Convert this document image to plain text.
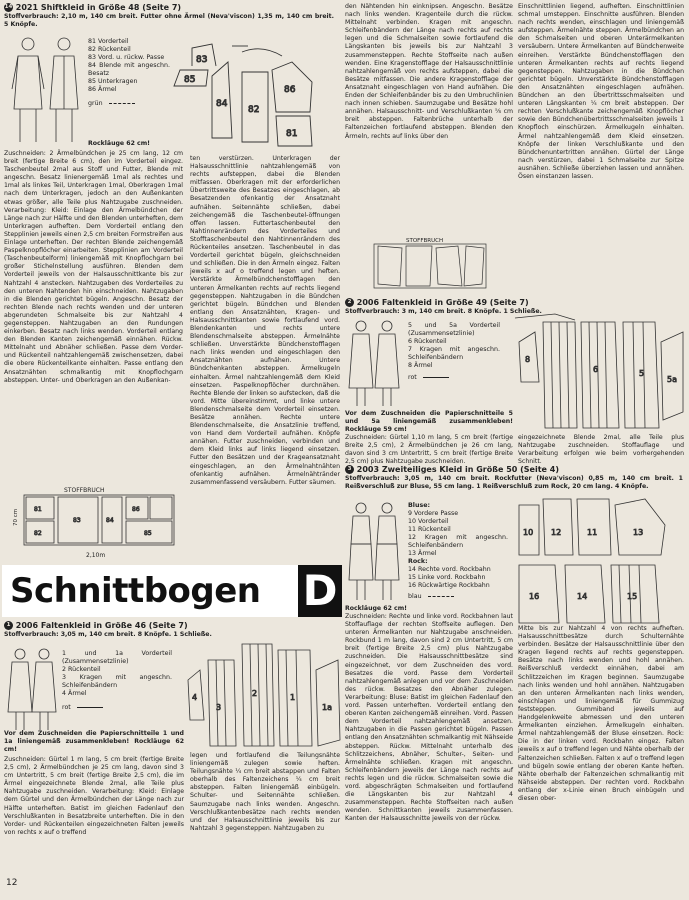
14 2021 Shiftkleid in Größe 48 (Seite 7)
Stoffverbrauch: 2,10 m, 140 cm breit. Futter ohne Ärmel (Neva'viscon) 1,35 m, 140 cm breit. 5 Knöpfe.
81 Vorderteil
82 Rückenteil
83 Vord. u. rückw. Passe
84 Blende mit angeschn. Besatz
85 Unterkragen
86 Ärmel
grün
83
85
84
82
86
81
Rockläuge 62 cm!
Zuschneiden: 2 Ärmelbündchen je 25 cm lang, 12 cm breit (fertige Breite 6 cm), den im Vorderteil eingez. Taschenbeutel 2mal aus Stoff und Futter, Blende mit angeschn. Besatz linienergemäß 1mal als rechtes und 1mal als linkes Teil, Unterkragen 1mal, Oberkragen 1mal nach dem Unterkragen, jedoch an den Außenkanten etwas größer, alle Teile plus Nahtzugabe zuschneiden. Verarbeitung: Kleid: Einlage den Ärmelbündchen der Länge nach zur Hälfte und den Blenden unterheften, dem Unterkragen aufheften. Dem Vorderteil entlang den Stepplinien jeweils einen 2,5 cm breiten Formstreifen aus Einlage unterheften. Der rechten Blende zeichengemäß Paspelknopflöcher einarbeiten. Stepplinien am Vorderteil (Taschenbeutelform) liniengemäß mit Knopflochgarn bei großer Stichelnstellung ausführen. Blenden dem Vorderteil jeweils von der Halsausschnittkante bis zur Nahtzahl 4 anstecken. Nahtzugaben des Vorderteiles zu den unteren Nahtenden hin einschneiden. Nahtzugaben in die Blenden gerichtet bügeln. Angeschn. Besatz der rechten Blende nach rechts wenden und der unteren abgerundeten Schmalseite bis zur Nahtzahl 4 gegensteppen. Nahtzugaben an den Rundungen einkerben. Besatz nach links wenden. Vorderteil entlang den Blenden Kanten zeichengemäß einnähen. Rückw. Mittelnaht und Abnäher schließen. Passe dem Vorder- und Rückenteil nahtzahlengemäß zwischensetzen, dabei die obere Rückenteilkante einhalten. Passe entlang den Ansatznähten schmalkantig mit Knopflochgarn absteppen. Unter- und Oberkragen an den Außenkan-
STOFFBRUCH
81
82
83	84
86
85
2,10m
70 cm
ten verstürzen. Unterkragen der Halsausschnittlinie nahtzahlengemäß von rechts aufsteppen, dabei die Blenden mitfassen. Oberkragen mit der erforderlichen Übertrittsweite des Besatzes eingeschlagen, ab Besatzenden ofenkantig der Ansatznaht aufnähen. Seitennähte schließen, dabei zeichengemäß die Taschenbeutel-öffnungen offen lassen. Futtertaschenbeutel den Nahtinnenrändern des Vorderteiles und Stofftaschenbeutel den Nahtinnenrändern des Rückenteiles ansetzen. Taschenbeutel in das Vorderteil gerichtet bügeln, gleichschneiden und schließen. Die in den Ärmeln eingez. Falten jeweils x auf o treffend legen und heften. Verstärkte Ärmelbündchenstofflagen den unteren Ärmelkanten rechts auf rechts liegend gegensteppen. Nahtzugaben in die Bündchen gerichtet bügeln. Bündchen und Blenden entlang den Ansatznähten, Kragen- und Halsausschnittkanten sowie fortlaufend vord. Blendenkanten und rechts untere Blendenschmalseite absteppen. Ärmelnähte schließen. Unverstärkte Bündchenstofflagen nach links wenden und eingeschlagen den Ansatznähten aufnähen. Untere Bündchenkanten absteppen. Ärmelkugeln einhalten. Ärmel nahtzahlengemäß dem Kleid einsetzen. Paspelknopflöcher durchnähen. Rechte Blende der linken so aufstecken, daß die vord. Mitte übereinstimmt, und linke untere Blendenschmalseite dem Vorderteil einsetzen. Besätze annähen. Rechte untere Blendenschmalseite, die Ansatzlinie treffend, von Hand dem Vorderteil aufnähen. Knöpfe annähen. Futter zuschneiden, verbinden und dem Kleid links auf links liegend einsetzen. Futter den Besätzen und der Krageansatznaht eingeschlagen, an den Ärmelnahtnähten ofenkantig aufnähen. Ärmelnähtränder zusammenfassend versäubern. Futter säumen.
den Nähtenden hin einknipsen. Angeschn. Besätze nach links wenden. Kragenteile durch die rückw. Mittelnaht verbinden. Kragen mit angeschn. Schleifenbändern der Länge nach rechts auf rechts legen und die Schmalseiten sowie fortlaufend die Längskanten bis jeweils bis zur Nahtzahl 3 zusammensteppen. Rechte Stoffseite nach außen wenden. Eine Kragenstofflage der Halsausschnittlinie nahtzahlengemäß von rechts aufsteppen, dabei die Besätze mitfassen. Die andere Kragenstofflage der Ansatznaht eingeschlagen von Hand aufnähen. Die Enden der Schleifenbänder bis zu den Umbruchlinien nach innen schieben. Saumzugabe und Besätze hohl annähen. Halsausschnitt- und Verschlußkanten ⅝ cm breit absteppen. Faltenbrüche unterhalb der Faltenzeichen fortlaufend absteppen. Blenden den Ärmeln, rechts auf links über den
STOFFBRUCH
Einschnittlinien liegend, aufheften. Einschnittlinien schmal umsteppen. Einschnitte ausführen. Blenden nach rechts wenden, einschlagen und liniengemäß aufsteppen. Ärmelnähte steppen. Ärmelbündchen an den Schmalseiten und oberen Unterärmelkanten versäubern. Untere Ärmelkanten auf Bündchenweite einreihen. Verstärkte Bündchenstofflagen den unteren Ärmelkanten rechts auf rechts liegend gegensteppen. Nahtzugaben in die Bündchen gerichtet bügeln. Unverstärkte Bündchenstofflagen den Ansatznähten eingeschlagen aufnähen. Bündchen an den Übertrittsschmalseiten und unteren Längskanten ¼ cm breit absteppen. Der rechten Verschlußkante zeichengemäß Knopflöcher sowie den Bündchenübertrittsschmalseiten jeweils 1 Knopfloch einschürzen. Ärmelkugeln einhalten. Ärmel nahtzahlengemäß dem Kleid einsetzen. Knöpfe der linken Verschlußkante und den Bündchenuntertritten annähen. Gürtel der Länge nach verstürzen, dabei 1 Schmalseite zur Spitze ausnähen. Schließe überziehen lassen und annähen. Ösen einstanzen lassen.
2 2006 Faltenkleid in Größe 49 (Seite 7)
Stoffverbrauch: 3 m, 140 cm breit. 8 Knöpfe. 1 Schließe.
5 und 5a Vorderteil (Zusammensetzlinie)
6 Rückenteil
7 Kragen mit angeschn. Schleifenbändern
8 Ärmel
rot
Vor dem Zuschneiden die Papierschnitteile 5 und 5a liniengemäß zusammenkleben! Rockläuge 59 cm!
Zuschneiden: Gürtel 1,10 m lang, 5 cm breit (fertige Breite 2,5 cm), 2 Ärmelbündchen je 26 cm lang, davon sind 3 cm Untertritt, 5 cm breit (fertige Breite 2,5 cm) plus Nahtzugabe zuschneiden.
8
6	5
5a
eingezeichnete Blende 2mal, alle Teile plus Nahtzugabe zuschneiden. Stoffauflage und Verarbeitung erfolgen wie beim vorhergehenden Schnitt.
3 2003 Zweiteiliges Kleid in Größe 50 (Seite 4)
Stoffverbrauch: 3,05 m, 140 cm breit. Rockfutter (Neva'viscon) 0,85 m, 140 cm breit. 1 Reißverschluß zur Bluse, 55 cm lang. 1 Reißverschluß zum Rock, 20 cm lang. 4 Knöpfe.
Bluse:
9 Vordere Passe
10 Vorderteil
11 Rückenteil
12 Kragen mit angeschn. Schleifenbändern
13 Ärmel
Rock:
14 Rechte vord. Rockbahn
15 Linke vord. Rockbahn
16 Rückwärtige Rockbahn
blau
Rockläuge 62 cm!
Zuschneiden: Rechte und linke vord. Rockbahnen laut Stoffauflage der rechten Stoffseite auflegen. Den unteren Ärmelkanten nur Nahtzugabe anschneiden. Rockbund 1 m lang, davon sind 2 cm Untertritt, 5 cm breit (fertige Breite 2,5 cm) plus Nahtzugabe zuschneiden. Die Halsausschnittbesätze sind eingezeichnet, vor dem Zuschneiden des vord. Besatzes die vord. Passe dem Vorderteil nahtzahlengemäß anlegen und vor dem Zuschneiden des rückw. Besatzes den Abnäher zulegen. Verarbeitung: Bluse: Batist im gleichen Fadenlauf den vord. Passen unterheften. Vorderteil entlang den oberen Kanten zeichengemäß einreihen. Vord. Passen dem Vorderteil nahtzahlengemäß ansetzen. Nahtzugaben in die Passen gerichtet bügeln. Passen entlang den Ansatznähten schmalkantig mit Nähseide absteppen. Rückw. Mittelnaht unterhalb des Schlitzzeichens, Abnäher, Schulter-, Seiten- und Ärmelnähte schließen. Kragen mit angeschn. Schleifenbändern jeweils der Länge nach rechts auf rechts legen und die rückw. Schmalseiten sowie die vord. abgeschrägten Schmalseiten und fortlaufend die Längskanten bis zur Nahtzahl 4 zusammensteppen. Rechte Stoffseiten nach außen wenden. Schnittkanten jeweils zusammenfassen. Kanten der Halsausschnitte jeweils von der rückw.
10 12	11	13
16	14	15
Mitte bis zur Nahtzahl 4 von rechts aufheften. Halsausschnittbesätze durch Schulternähte verbinden. Besätze der Halsausschnittlinie über den Kragen liegend rechts auf rechts gegensteppen. Besätze nach links wenden und hohl annähen. Reißverschluß verdeckt einnähen, dabei am Schlitzzeichen im Kragen beginnen. Saumzugabe nach links wenden und hohl annähen. Nahtzugaben an den unteren Ärmelkanten nach links wenden, einschlagen und liniengemäß für Gummizug feststeppen. Gummiband jeweils auf Handgelenkweite abmessen und den unteren Ärmelkanten einziehen. Ärmelkugeln einhalten. Ärmel nahtzahlengemäß der Bluse einsetzen. Rock: Die in der linken vord. Rockbahn eingez. Falten jeweils x auf o treffend legen und Nähte oberhalb der Faltenzeichen schließen. Falten x auf o treffend legen und bügeln sowie entlang der oberen Kante heften. Nähte oberhalb der Faltenzeichen schmalkantig mit Nähseide absteppen. Der rechten vord. Rockbahn entlang der x-Linie einen Bruch einbügeln und diesen ober-
Schnittbogen D
1 2006 Faltenkleid in Größe 46 (Seite 7)
Stoffverbrauch: 3,05 m, 140 cm breit. 8 Knöpfe. 1 Schließe.
1 und 1a Vorderteil (Zusammensetzlinie)
2 Rückenteil
3 Kragen mit angeschn. Schleifenbändern
4 Ärmel
rot
Vor dem Zuschneiden die Papierschnitteile 1 und 1a liniengemäß zusammenkleben! Rockläuge 62 cm!
Zuschneiden: Gürtel 1 m lang, 5 cm breit (fertige Breite 2,5 cm), 2 Ärmelbündchen je 25 cm lang, davon sind 3 cm Untertritt, 5 cm breit (fertige Breite 2,5 cm), die im Ärmel eingezeichnete Blende 2mal, alle Teile plus Nahtzugabe zuschneiden. Verarbeitung: Kleid: Einlage dem Gürtel und den Ärmelbündchen der Länge nach zur Hälfte unterheften. Batist im gleichen Fadenlauf den Verschlußkanten in Besatzbreite unterheften. Die in den Vorder- und Rückenteilen eingezeichneten Falten jeweils von rechts x auf o treffend
4
3
2	1
1a
legen und fortlaufend die Teilungsnähte liniengemäß zulegen sowie heften. Teilungsnähte ¼ cm breit abstappen und Falten oberhalb des Faltenzeichens ¼ cm breit absteppen. Falten liniengemäß einbügeln. Schulter- und Seitennähte schließen. Saumzugabe nach links wenden. Angeschn. Verschlußkantenbesätze nach rechts wenden und der Halsausschnittlinie jeweils bis zur Nahtzahl 3 gegensteppen. Nahtzugaben zu
12
